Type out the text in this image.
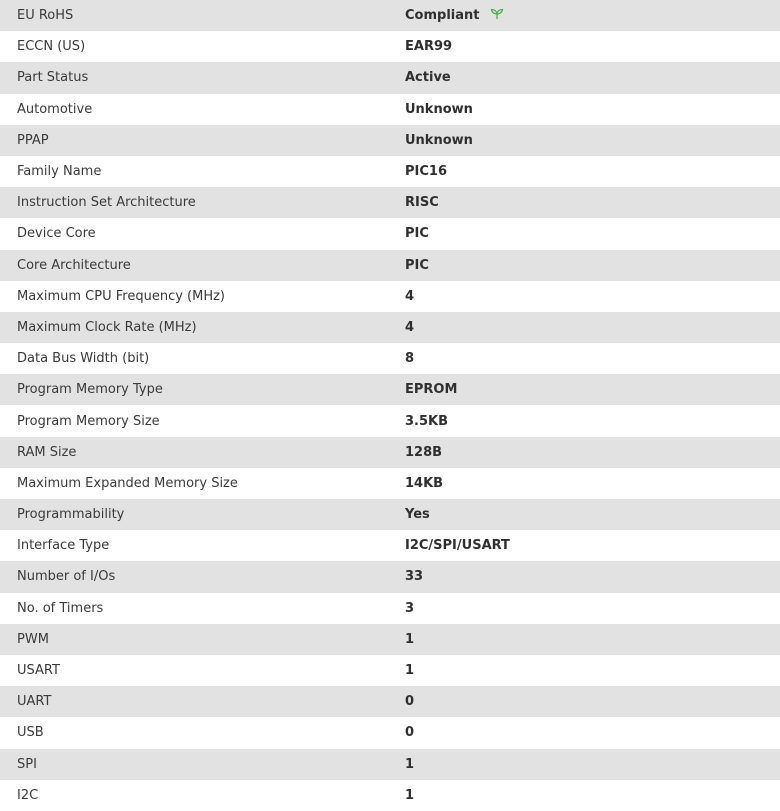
EU RoHS	Compliant
ECCN (US)	EAR99
Part Status	Active
Automotive	Unknown
PPAP	Unknown
Family Name	PIC16
Instruction Set Architecture	RISC
Device Core	PIC
Core Architecture	PIC
Maximum CPU Frequency (MHz)	4
Maximum Clock Rate (MHz)	4
Data Bus Width (bit)	8
Program Memory Type	EPROM
Program Memory Size	3.5KB
RAM Size	128B
Maximum Expanded Memory Size	14KB
Programmability	Yes
Interface Type	I2C/SPI/USART
Number of I/Os	33
No. of Timers	3
PWM	1
USART	1
UART	0
USB	0
SPI	1
I2C	1
